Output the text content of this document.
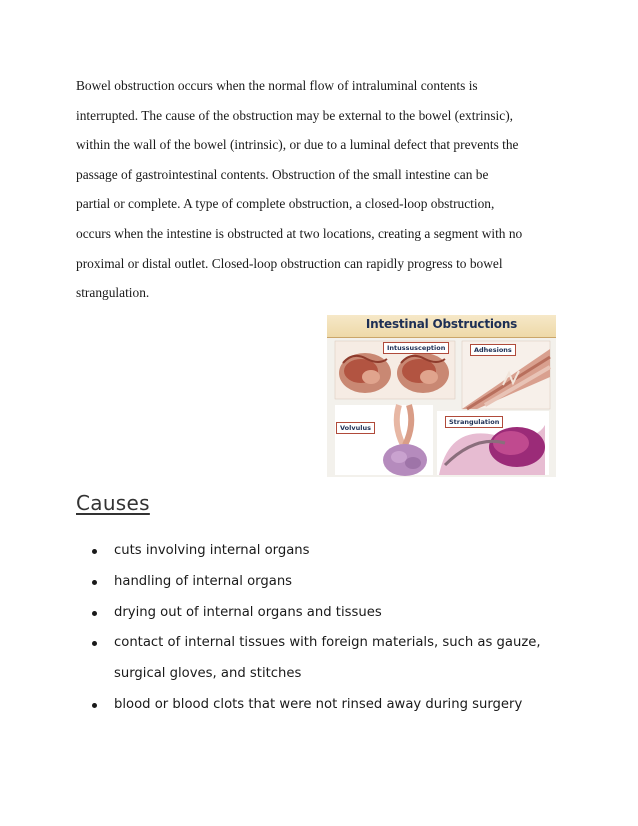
Bowel obstruction occurs when the normal flow of intraluminal contents is
interrupted. The cause of the obstruction may be external to the bowel (extrinsic),
within the wall of the bowel (intrinsic), or due to a luminal defect that prevents the
passage of gastrointestinal contents. Obstruction of the small intestine can be
partial or complete. A type of complete obstruction, a closed-loop obstruction,
occurs when the intestine is obstructed at two locations, creating a segment with no
proximal or distal outlet. Closed-loop obstruction can rapidly progress to bowel
strangulation.
Intestinal Obstructions
Intussusception	Adhesions
Volvulus
Strangulation
Causes
cuts involving internal organs
handling of internal organs
drying out of internal organs and tissues
contact of internal tissues with foreign materials, such as gauze,
surgical gloves, and stitches
blood or blood clots that were not rinsed away during surgery
